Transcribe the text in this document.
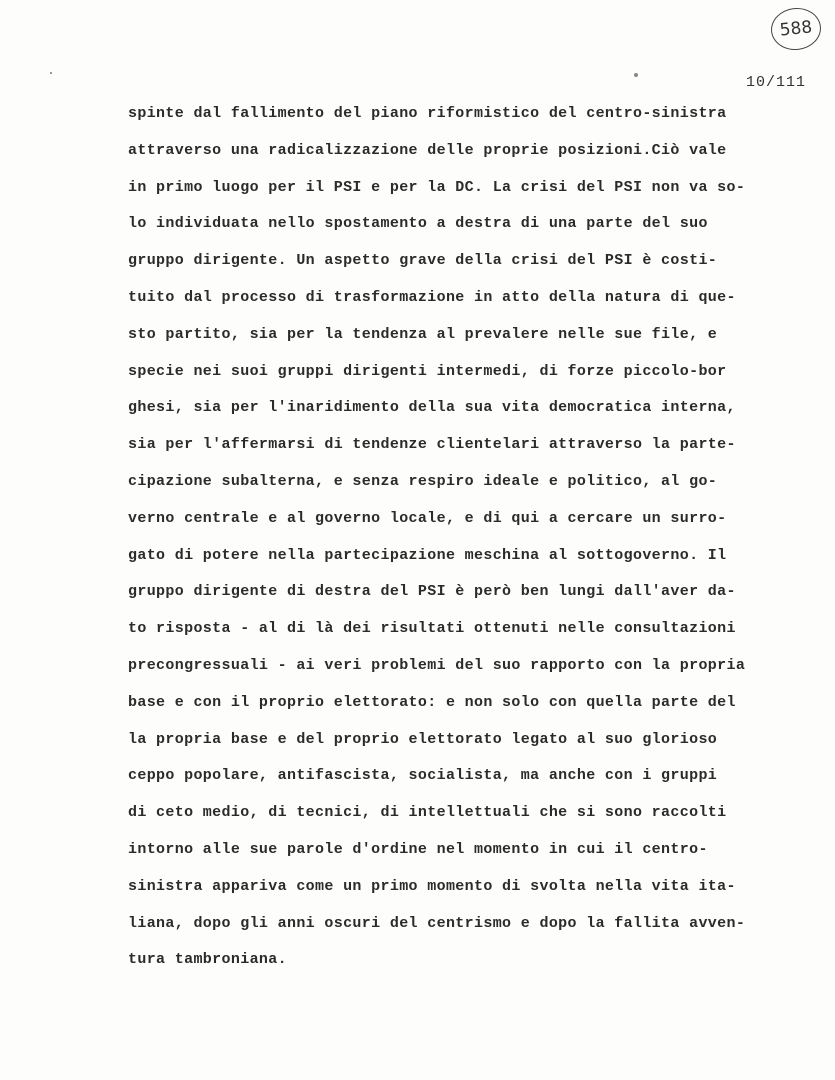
588
10/111
spinte dal fallimento del piano riformistico del centro-sinistra
attraverso una radicalizzazione delle proprie posizioni.Ciò vale
in primo luogo per il PSI e per la DC. La crisi del PSI non va so-
lo individuata nello spostamento a destra di una parte del suo
gruppo dirigente. Un aspetto grave della crisi del PSI è costi-
tuito dal processo di trasformazione in atto della natura di que-
sto partito, sia per la tendenza al prevalere nelle sue file, e
specie nei suoi gruppi dirigenti intermedi, di forze piccolo-bor
ghesi, sia per l'inaridimento della sua vita democratica interna,
sia per l'affermarsi di tendenze clientelari attraverso la parte-
cipazione subalterna, e senza respiro ideale e politico, al go-
verno centrale e al governo locale, e di qui a cercare un surro-
gato di potere nella partecipazione meschina al sottogoverno. Il
gruppo dirigente di destra del PSI è però ben lungi dall'aver da-
to risposta - al di là dei risultati ottenuti nelle consultazioni
precongressuali - ai veri problemi del suo rapporto con la propria
base e con il proprio elettorato: e non solo con quella parte del
la propria base e del proprio elettorato legato al suo glorioso
ceppo popolare, antifascista, socialista, ma anche con i gruppi
di ceto medio, di tecnici, di intellettuali che si sono raccolti
intorno alle sue parole d'ordine nel momento in cui il centro-
sinistra appariva come un primo momento di svolta nella vita ita-
liana, dopo gli anni oscuri del centrismo e dopo la fallita avven-
tura tambroniana.
